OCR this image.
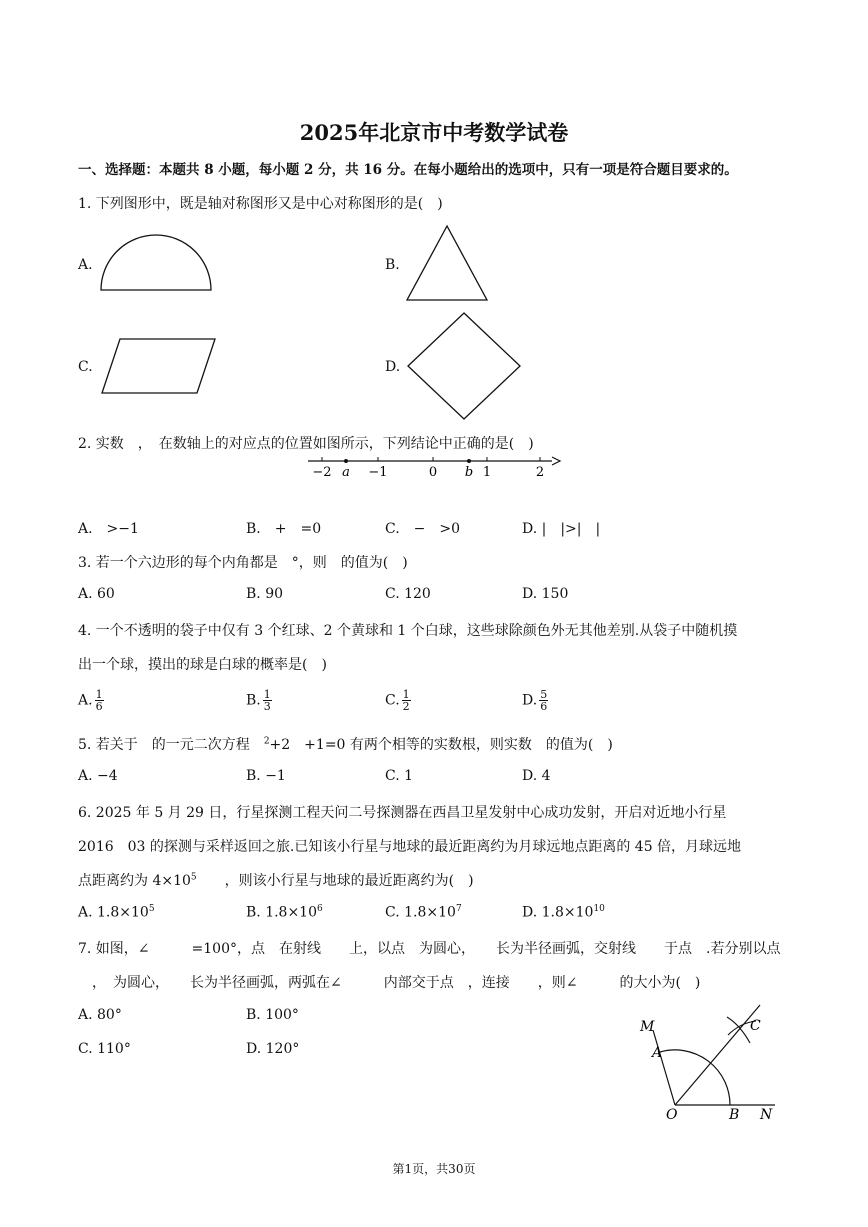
2025年北京市中考数学试卷
一、选择题：本题共 8 小题，每小题 2 分，共 16 分。在每小题给出的选项中，只有一项是符合题目要求的。
1. 下列图形中，既是轴对称图形又是中心对称图形的是(　)
A.	B.
C.	D.
2. 实数　，　在数轴上的对应点的位置如图所示，下列结论中正确的是(　)
−2 a −1	0 b 1	2
A.　>−1	B.　+　=0	C.　−　>0	D. |　|>|　|
3. 若一个六边形的每个内角都是　°，则　的值为(　)
A. 60	B. 90	C. 120	D. 150
4. 一个不透明的袋子中仅有 3 个红球、2 个黄球和 1 个白球，这些球除颜色外无其他差别.从袋子中随机摸
出一个球，摸出的球是白球的概率是(　)
A. $\frac{1}{6}$	B. $\frac{1}{3}$	C. $\frac{1}{2}$	D. $\frac{5}{6}$
5. 若关于　的一元二次方程　$^2$+2　+1=0 有两个相等的实数根，则实数　的值为(　)
A. −4	B. −1	C. 1	D. 4
6. 2025 年 5 月 29 日，行星探测工程天问二号探测器在西昌卫星发射中心成功发射，开启对近地小行星
2016　03 的探测与采样返回之旅.已知该小行星与地球的最近距离约为月球远地点距离的 45 倍，月球远地
点距离约为 $4\times 10^5$　　，则该小行星与地球的最近距离约为(　)
A. $1.8\times 10^5$	B. $1.8\times 10^6$	C. $1.8\times 10^7$	D. $1.8\times 10^{10}$
7. 如图，∠　　　=100°，点　在射线　　上，以点　为圆心，　　长为半径画弧，交射线　　于点　.若分别以点
　，　为圆心，　　长为半径画弧，两弧在∠　　　内部交于点　，连接　　，则∠　　　的大小为(　)
A. 80°	B. 100°
C. 110°	D. 120°
M
A
C
O	B N
第1页，共30页
